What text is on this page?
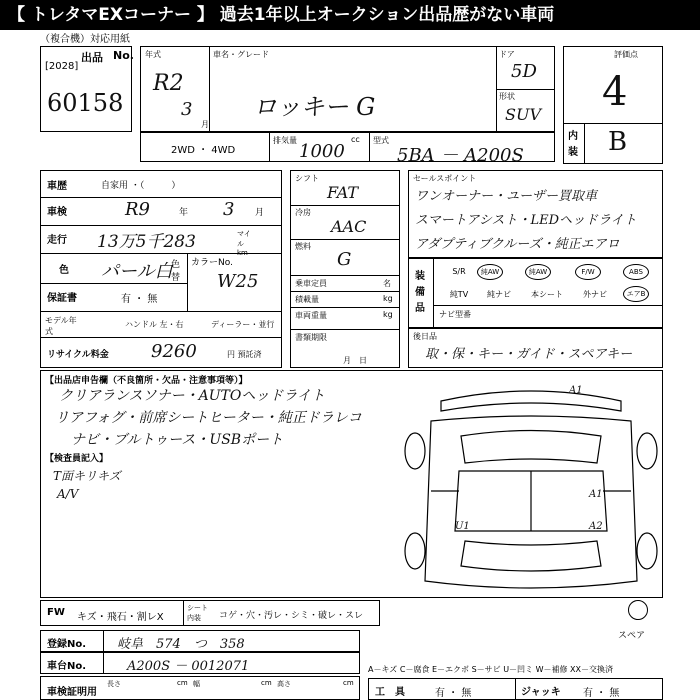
【 トレタマEXコーナー 】 過去1年以上オークション出品歴がない車両
（複合機）対応用紙
出品 No.
[2028]
60158
年式
R2
3
月
車名・グレード
ロッキー G
ドア
5D
形状
SUV
評価点
4
内
装 B
2WD ・ 4WD
排気量	cc
1000
型式
5BA － A200S
車歴	自家用 ・（　　　）
車検	R9	年 3 月
走行 13万5千283	マイル km
色 パール白
色替
カラーNo.
W25
保証書	有 ・ 無
モデル年式
ハンドル 左・右	ディーラー・並行
リサイクル料金 9260	円 預託済
シフト
FAT
冷房
AAC
燃料
G
乗車定員	名
積載量	kg
車両重量	kg
書類期限
月　日
セールスポイント
ワンオーナー・ユーザー買取車
スマートアシスト・LEDヘッドライト
アダプティブクルーズ・純正エアロ
装
備
品
S/R	純AW	純AW	F/W	ABS
純TV	純ナビ	本シート	外ナビ	エアB
ナビ型番
後日品
取・保・キー・ガイド・スペアキー
【出品店申告欄（不良箇所・欠品・注意事項等）】
クリアランスソナー・AUTOヘッドライト
リアフォグ・前席シートヒーター・純正ドラレコ
ナビ・ブルトゥース・USBポート
【検査員記入】
T面キリキズ
A/V
A1
A1
A2
U1
スペア
FW キズ・飛石・割レX
シート内装	コゲ・穴・汚レ・シミ・破レ・スレ
登録No. 岐阜　574　つ　358
車台No.	A200S － 0012071
車検証明用
長さ	cm 幅	cm 高さ	cm
A－キズ C－腐食 E－エクボ S－サビ U－凹ミ W－補修 XX－交換済
工　具	有 ・ 無	ジャッキ 有 ・ 無
